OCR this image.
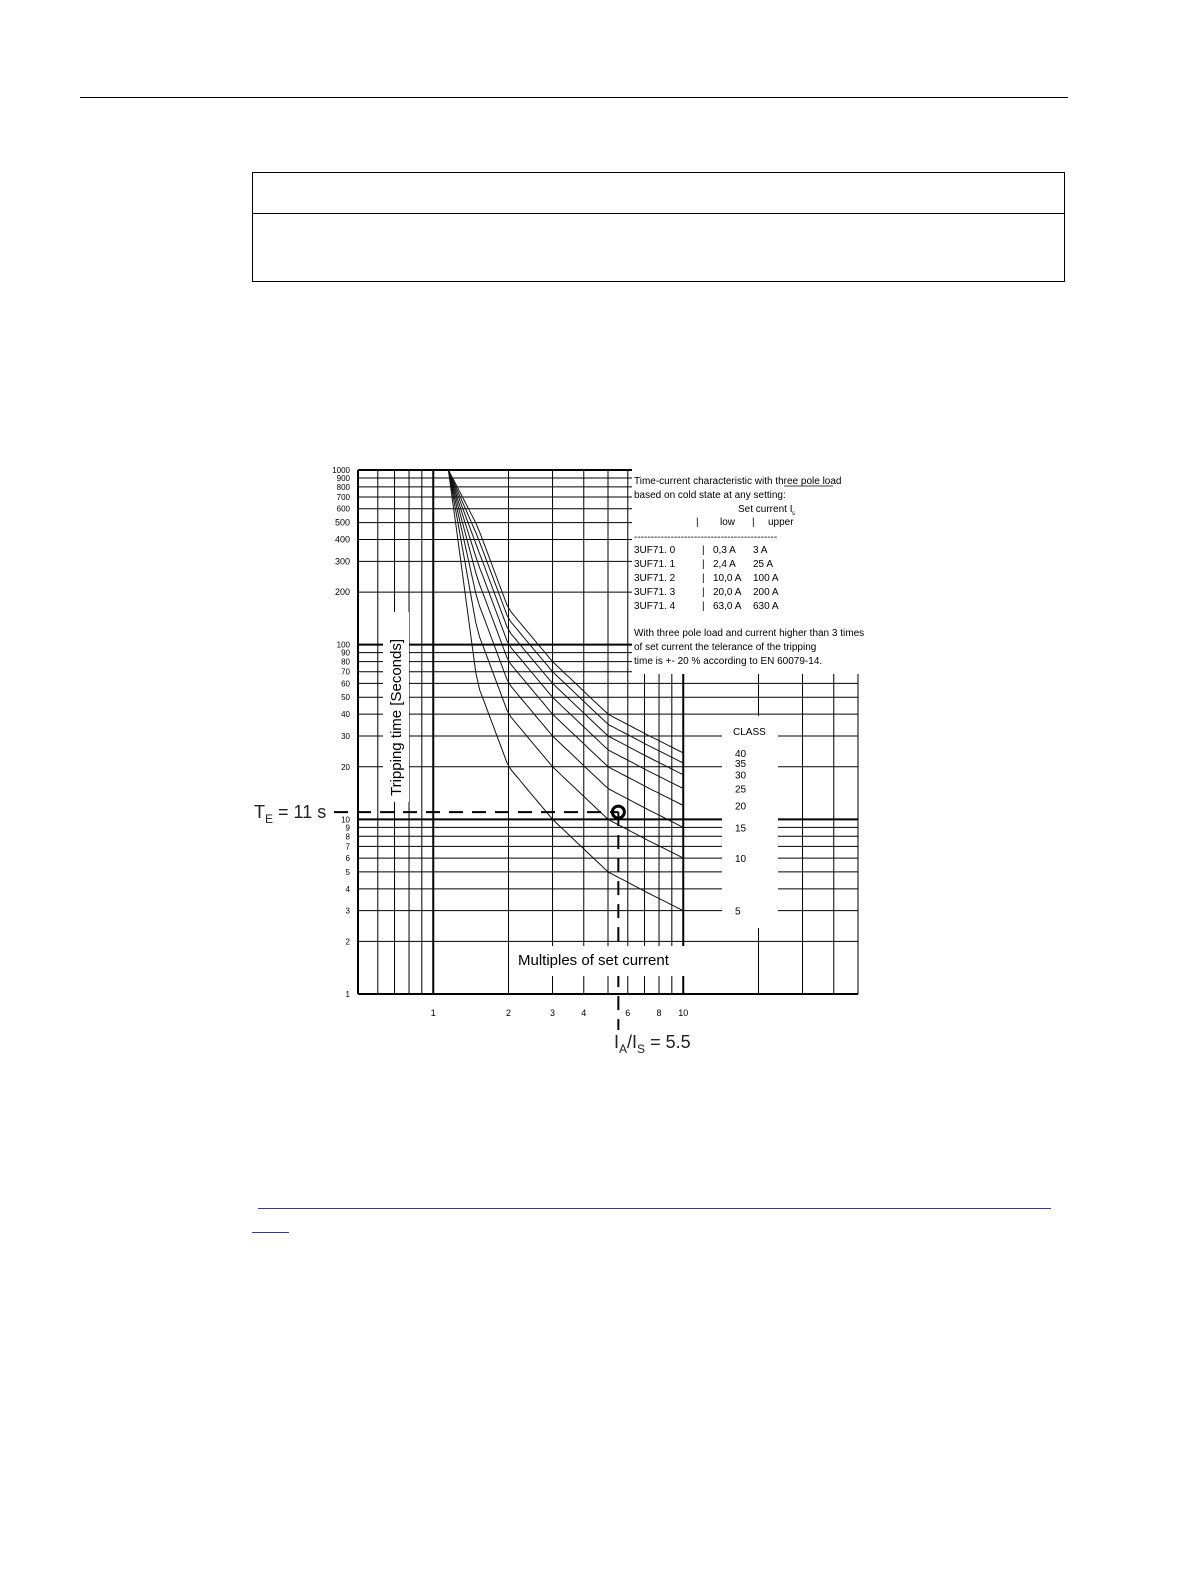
Time-current characteristic with three pole load
based on cold state at any setting:
Set current I s
| low | upper
-------------------------------------------
3UF71. 0	| 0,3 A 3 A
3UF71. 1	| 2,4 A 25 A
3UF71. 2	| 10,0 A 100 A
3UF71. 3	| 20,0 A 200 A
3UF71. 4	| 63,0 A 630 A
With three pole load and current higher than 3 times
of set current the telerance of the tripping
time is +- 20 % according to EN 60079-14.
CLASS
5
10
15
20
25
30
35
40
Multiples of set current
Tripping time [Seconds]
$T_E = 11$ s
$I_A/I_S = 5.5$
1	2	3	4	6	8 10
1
2
3
4
5
6
7
8
9
10
20
30
40
50
60
70
80
90
100
200
300
400
500
600
700
800
900
1000
